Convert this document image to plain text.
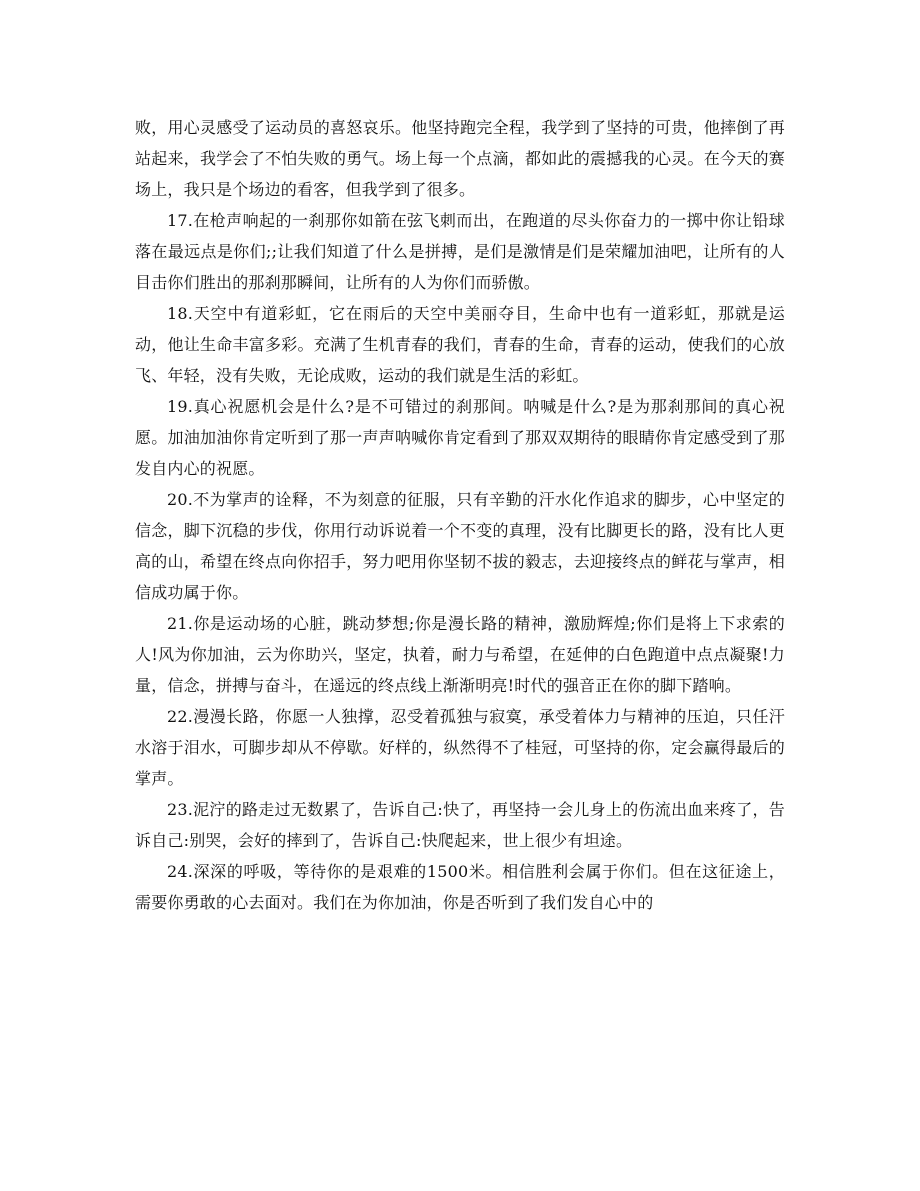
败，用心灵感受了运动员的喜怒哀乐。他坚持跑完全程，我学到了坚持的可贵，他摔倒了再站起来，我学会了不怕失败的勇气。场上每一个点滴，都如此的震撼我的心灵。在今天的赛场上，我只是个场边的看客，但我学到了很多。

17.在枪声响起的一刹那你如箭在弦飞刺而出，在跑道的尽头你奋力的一掷中你让铅球落在最远点是你们;;让我们知道了什么是拼搏，是们是激情是们是荣耀加油吧，让所有的人目击你们胜出的那刹那瞬间，让所有的人为你们而骄傲。

18.天空中有道彩虹，它在雨后的天空中美丽夺目，生命中也有一道彩虹，那就是运动，他让生命丰富多彩。充满了生机青春的我们，青春的生命，青春的运动，使我们的心放飞、年轻，没有失败，无论成败，运动的我们就是生活的彩虹。

19.真心祝愿机会是什么?是不可错过的刹那间。呐喊是什么?是为那刹那间的真心祝愿。加油加油你肯定听到了那一声声呐喊你肯定看到了那双双期待的眼睛你肯定感受到了那发自内心的祝愿。

20.不为掌声的诠释，不为刻意的征服，只有辛勤的汗水化作追求的脚步，心中坚定的信念，脚下沉稳的步伐，你用行动诉说着一个不变的真理，没有比脚更长的路，没有比人更高的山，希望在终点向你招手，努力吧用你坚韧不拔的毅志，去迎接终点的鲜花与掌声，相信成功属于你。

21.你是运动场的心脏，跳动梦想;你是漫长路的精神，激励辉煌;你们是将上下求索的人!风为你加油，云为你助兴，坚定，执着，耐力与希望，在延伸的白色跑道中点点凝聚!力量，信念，拼搏与奋斗，在遥远的终点线上渐渐明亮!时代的强音正在你的脚下踏响。

22.漫漫长路，你愿一人独撑，忍受着孤独与寂寞，承受着体力与精神的压迫，只任汗水溶于泪水，可脚步却从不停歇。好样的，纵然得不了桂冠，可坚持的你，定会赢得最后的掌声。

23.泥泞的路走过无数累了，告诉自己:快了，再坚持一会儿身上的伤流出血来疼了，告诉自己:别哭，会好的摔到了，告诉自己:快爬起来，世上很少有坦途。

24.深深的呼吸，等待你的是艰难的1500米。相信胜利会属于你们。但在这征途上，需要你勇敢的心去面对。我们在为你加油，你是否听到了我们发自心中的
